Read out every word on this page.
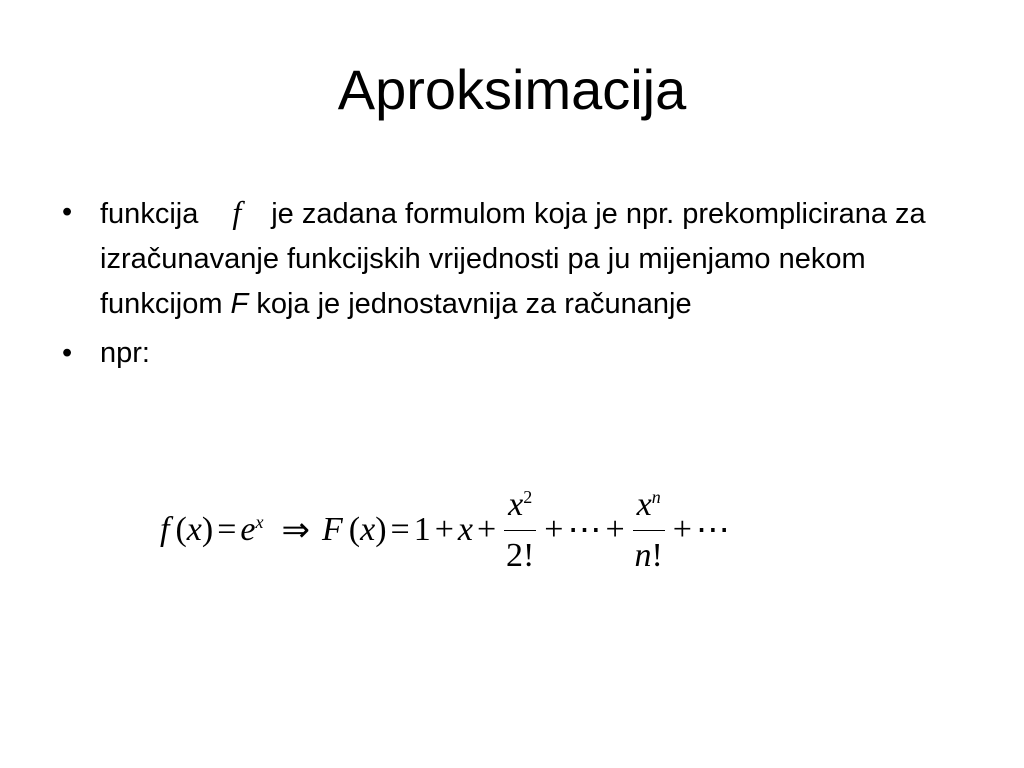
Aproksimacija
• funkcija f je zadana formulom koja je npr. prekomplicirana za izračunavanje funkcijskih vrijednosti pa ju mijenjamo nekom funkcijom F koja je jednostavnija za računanje
• npr:
f ( x ) = $e^x$ ⇒ F ( x ) = $1 + x + \frac{x^2}{2!}$ + ⋯ + $\frac{x^n}{n!}$ + ⋯
